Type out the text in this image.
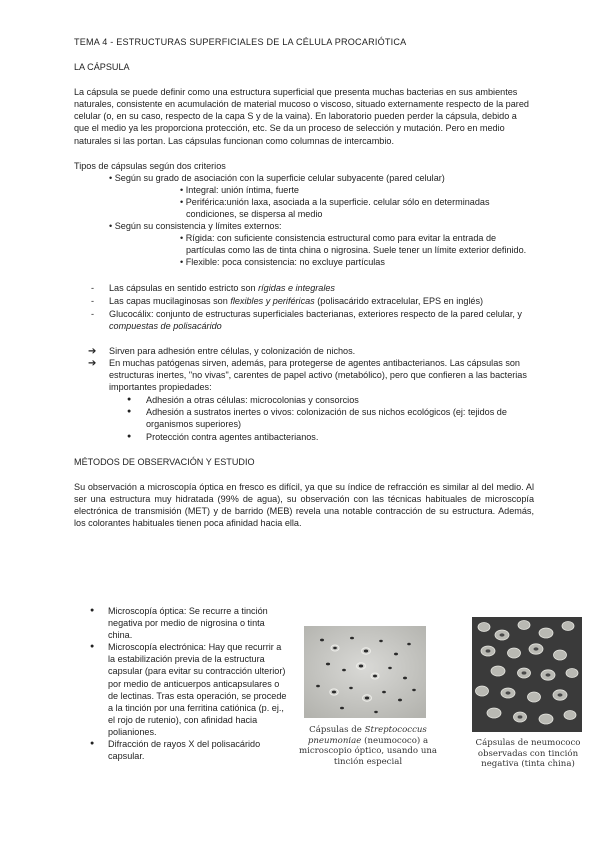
TEMA 4 - ESTRUCTURAS SUPERFICIALES DE LA CÉLULA PROCARIÓTICA

LA CÁPSULA

La cápsula se puede definir como una estructura superficial que presenta muchas bacterias en sus ambientes naturales, consistente en acumulación de material mucoso o viscoso, situado externamente respecto de la pared celular (o, en su caso, respecto de la capa S y de la vaina). En laboratorio pueden perder la cápsula, debido a que el medio ya les proporciona protección, etc. Se da un proceso de selección y mutación. Pero en medio naturales si las portan. Las cápsulas funcionan como columnas de intercambio.

Tipos de cápsulas según dos criterios

• Según su grado de asociación con la superficie celular subyacente (pared celular)
• Integral: unión íntima, fuerte
• Periférica:unión laxa, asociada a la superficie. celular sólo en determinadas condiciones, se dispersa al medio
• Según su consistencia y límites externos:
• Rígida: con suficiente consistencia estructural como para evitar la entrada de partículas como las de tinta china o nigrosina. Suele tener un límite exterior definido.
• Flexible: poca consistencia: no excluye partículas
- Las cápsulas en sentido estricto son rígidas e integrales
- Las capas mucilaginosas son flexibles y periféricas (polisacárido extracelular, EPS en inglés)
- Glucocálix: conjunto de estructuras superficiales bacterianas, exteriores respecto de la pared celular, y compuestas de polisacárido
➔ Sirven para adhesión entre células, y colonización de nichos.
➔ En muchas patógenas sirven, además, para protegerse de agentes antibacterianos. Las cápsulas son estructuras inertes, "no vivas", carentes de papel activo (metabólico), pero que confieren a las bacterias importantes propiedades:
● Adhesión a otras células: microcolonias y consorcios
● Adhesión a sustratos inertes o vivos: colonización de sus nichos ecológicos (ej: tejidos de organismos superiores)
● Protección contra agentes antibacterianos.

MÉTODOS DE OBSERVACIÓN Y ESTUDIO

Su observación a microscopía óptica en fresco es difícil, ya que su índice de refracción es similar al del medio. Al ser una estructura muy hidratada (99% de agua), su observación con las técnicas habituales de microscopía electrónica de transmisión (MET) y de barrido (MEB) revela una notable contracción de su estructura. Además, los colorantes habituales tienen poca afinidad hacia ella.

● Microscopía óptica: Se recurre a tinción negativa por medio de nigrosina o tinta china.
● Microscopía electrónica: Hay que recurrir a la estabilización previa de la estructura capsular (para evitar su contracción ulterior) por medio de anticuerpos anticapsulares o de lectinas. Tras esta operación, se procede a la tinción por una ferritina catiónica (p. ej., el rojo de rutenio), con afinidad hacia polianiones.
● Difracción de rayos X del polisacárido capsular.
Cápsulas de Streptococcus pneumoniae (neumococo) a microscopio óptico, usando una tinción especial
Cápsulas de neumococo observadas con tinción negativa (tinta china)
